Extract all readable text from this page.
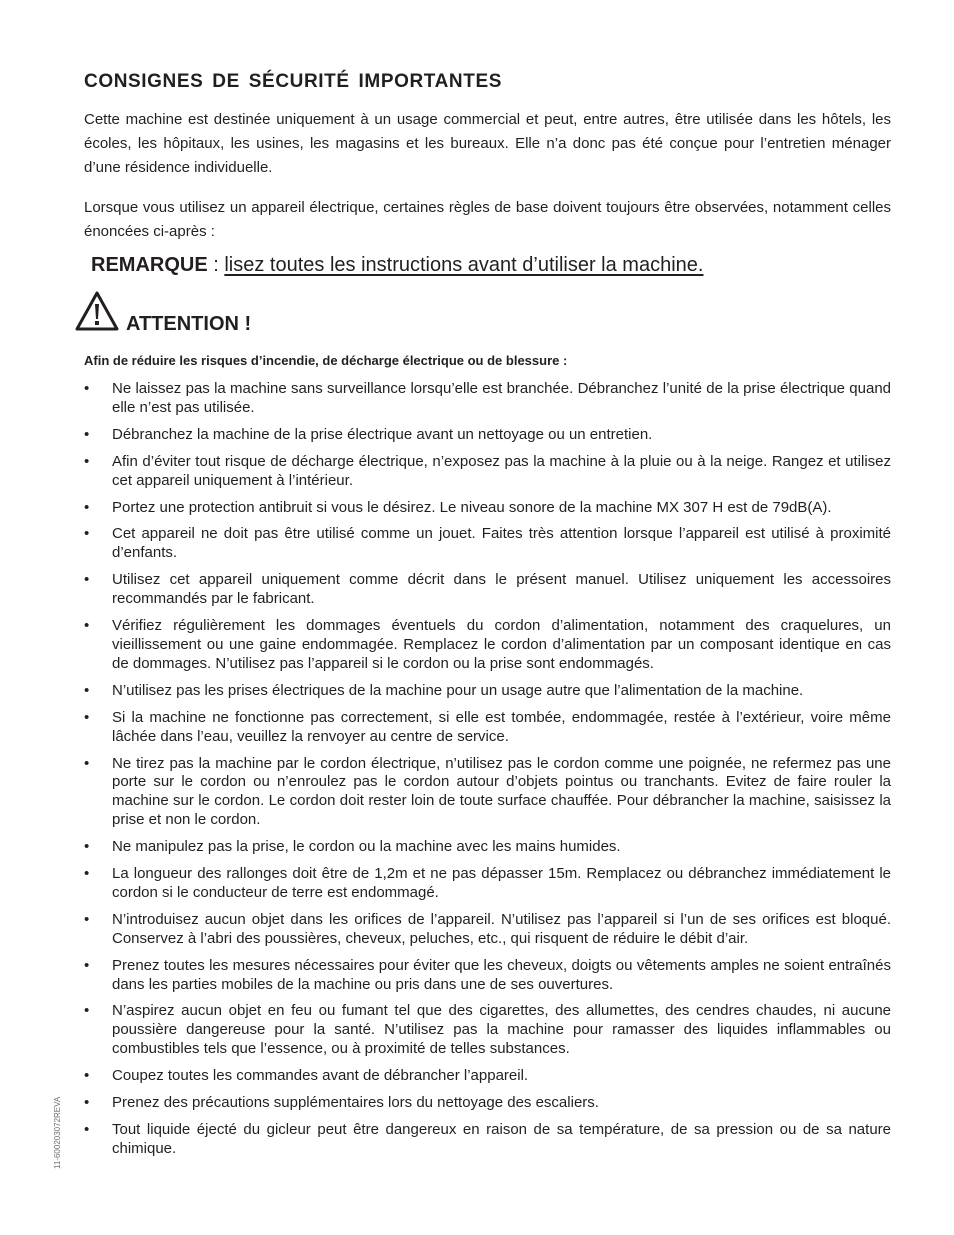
CONSIGNES DE SÉCURITÉ IMPORTANTES

Cette machine est destinée uniquement à un usage commercial et peut, entre autres, être utilisée dans les hôtels, les écoles, les hôpitaux, les usines, les magasins et les bureaux. Elle n’a donc pas été conçue pour l’entretien ménager d’une résidence individuelle.

Lorsque vous utilisez un appareil électrique, certaines règles de base doivent toujours être observées, notamment celles énoncées ci-après :

REMARQUE : lisez toutes les instructions avant d’utiliser la machine.
ATTENTION !
Afin de réduire les risques d’incendie, de décharge électrique ou de blessure :
•	Ne laissez pas la machine sans surveillance lorsqu’elle est branchée. Débranchez l’unité de la prise électrique quand elle n’est pas utilisée.
•	Débranchez la machine de la prise électrique avant un nettoyage ou un entretien.
•	Afin d’éviter tout risque de décharge électrique, n’exposez pas la machine à la pluie ou à la neige. Rangez et utilisez cet appareil uniquement à l’intérieur.
•	Portez une protection antibruit si vous le désirez. Le niveau sonore de la machine MX 307 H est de 79dB(A).
•	Cet appareil ne doit pas être utilisé comme un jouet. Faites très attention lorsque l’appareil est utilisé à proximité d’enfants.
•	Utilisez cet appareil uniquement comme décrit dans le présent manuel. Utilisez uniquement les accessoires recommandés par le fabricant.
•	Vérifiez régulièrement les dommages éventuels du cordon d’alimentation, notamment des craquelures, un vieillissement ou une gaine endommagée. Remplacez le cordon d’alimentation par un composant identique en cas de dommages. N’utilisez pas l’appareil si le cordon ou la prise sont endommagés.
•	N’utilisez pas les prises électriques de la machine pour un usage autre que l’alimentation de la machine.
•	Si la machine ne fonctionne pas correctement, si elle est tombée, endommagée, restée à l’extérieur, voire même lâchée dans l’eau, veuillez la renvoyer au centre de service.
•	Ne tirez pas la machine par le cordon électrique, n’utilisez pas le cordon comme une poignée, ne refermez pas une porte sur le cordon ou n’enroulez pas le cordon autour d’objets pointus ou tranchants. Evitez de faire rouler la machine sur le cordon. Le cordon doit rester loin de toute surface chauffée. Pour débrancher la machine, saisissez la prise et non le cordon.
•	Ne manipulez pas la prise, le cordon ou la machine avec les mains humides.
•	La longueur des rallonges doit être de 1,2m et ne pas dépasser 15m. Remplacez ou débranchez immédiatement le cordon si le conducteur de terre est endommagé.
•	N’introduisez aucun objet dans les orifices de l’appareil. N’utilisez pas l’appareil si l’un de ses orifices est bloqué. Conservez à l’abri des poussières, cheveux, peluches, etc., qui risquent de réduire le débit d’air.
•	Prenez toutes les mesures nécessaires pour éviter que les cheveux, doigts ou vêtements amples ne soient entraînés dans les parties mobiles de la machine ou pris dans une de ses ouvertures.
•	N’aspirez aucun objet en feu ou fumant tel que des cigarettes, des allumettes, des cendres chaudes, ni aucune poussière dangereuse pour la santé. N’utilisez pas la machine pour ramasser des liquides inflammables ou combustibles tels que l’essence, ou à proximité de telles substances.
•	Coupez toutes les commandes avant de débrancher l’appareil.
•	Prenez des précautions supplémentaires lors du nettoyage des escaliers.
•	Tout liquide éjecté du gicleur peut être dangereux en raison de sa température, de sa pression ou de sa nature chimique.
11-600203072REVA
